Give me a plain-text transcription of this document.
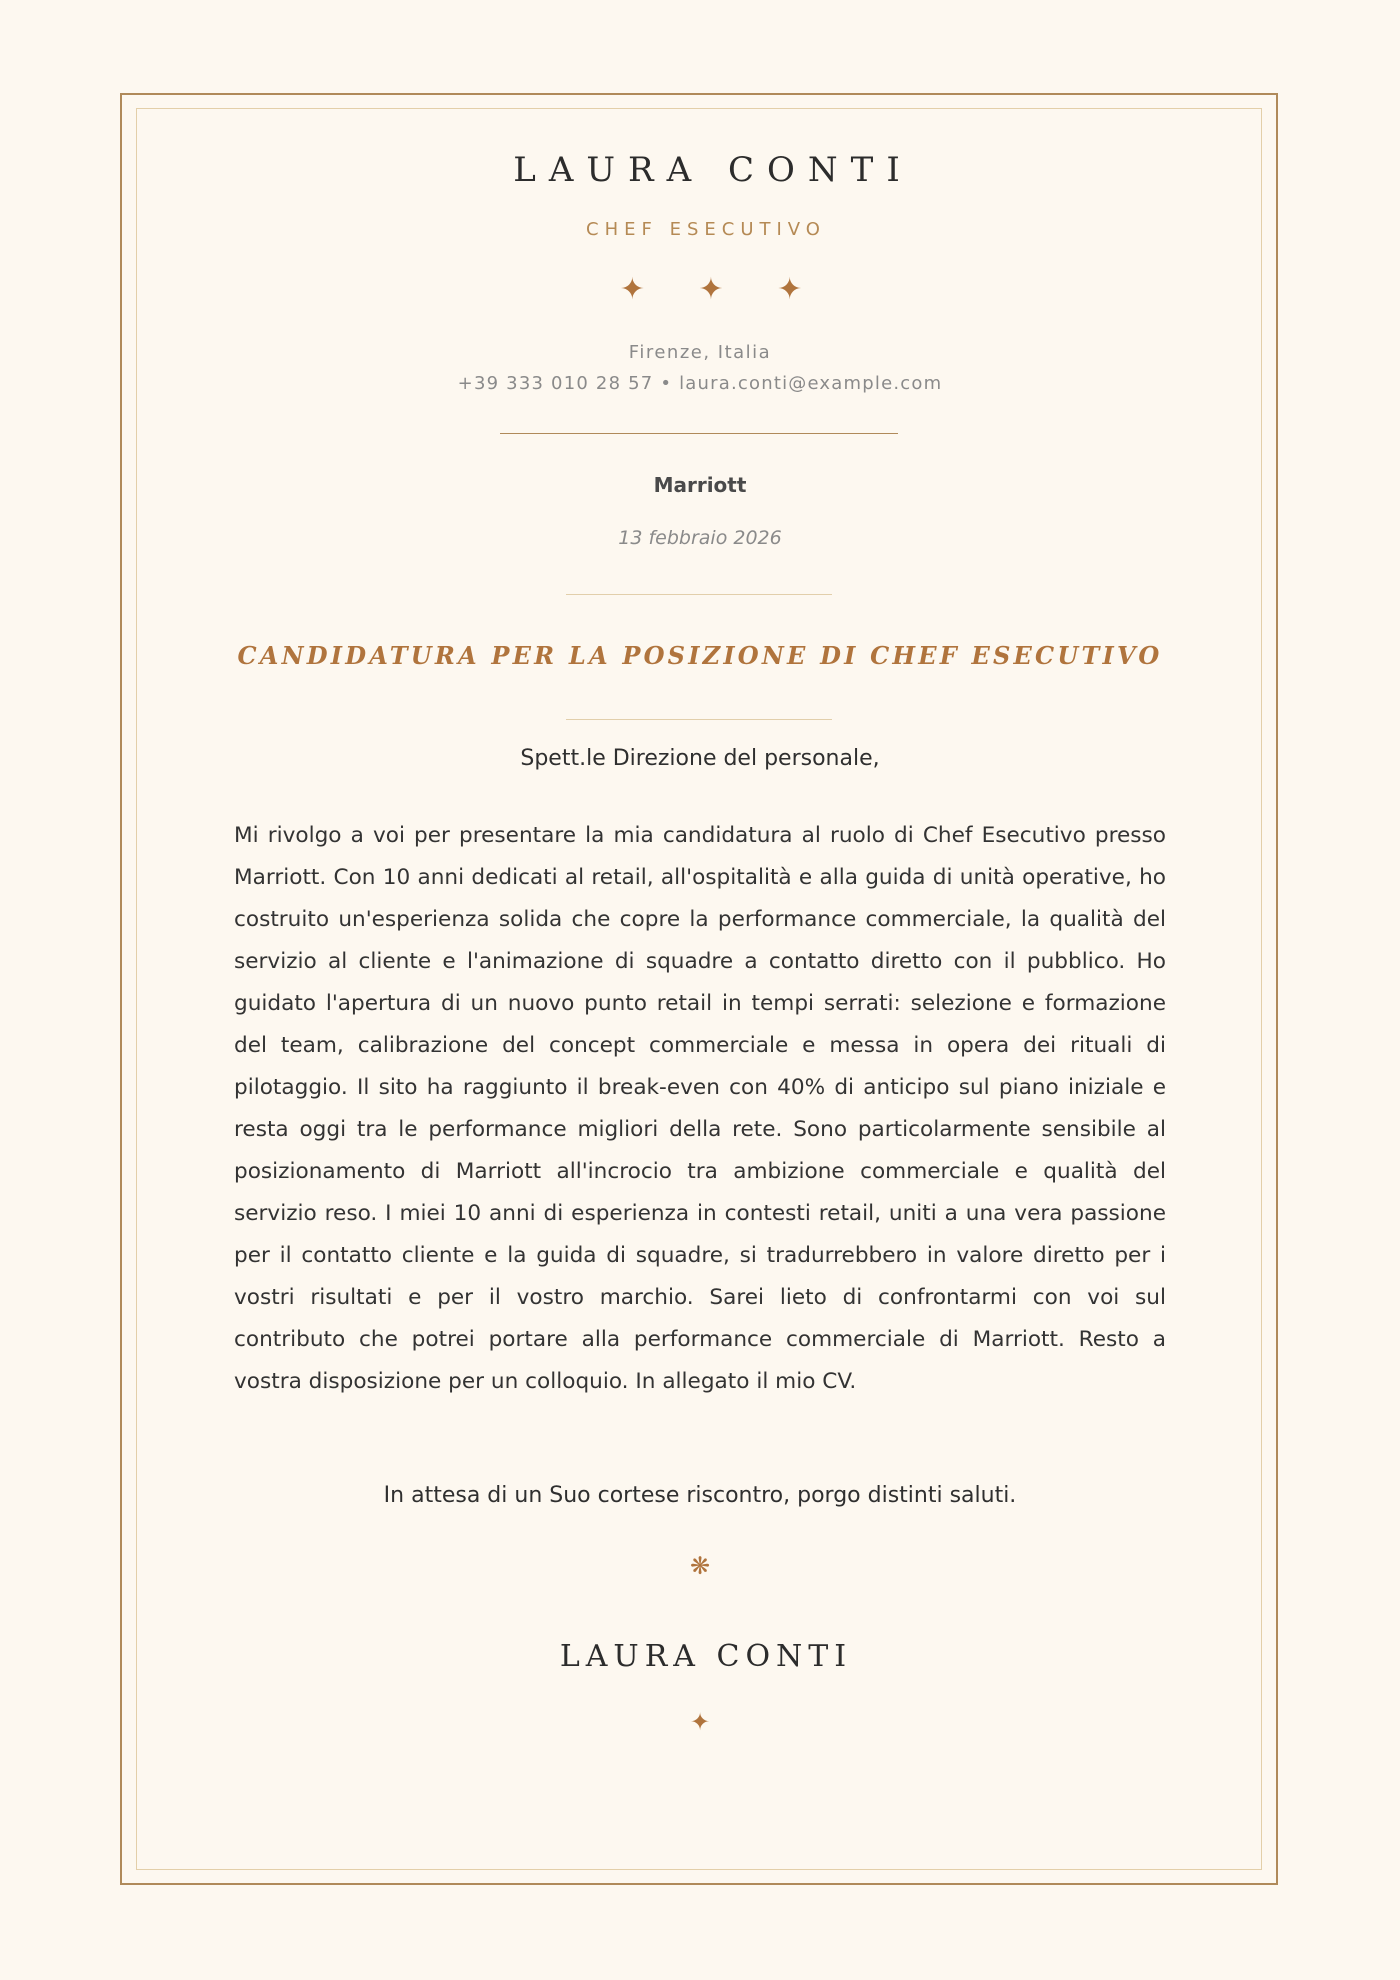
LAURA CONTI
CHEF ESECUTIVO
✦ ✦ ✦
Firenze, Italia
+39 333 010 28 57 • laura.conti@example.com
Marriott
13 febbraio 2026
CANDIDATURA PER LA POSIZIONE DI CHEF ESECUTIVO
Spett.le Direzione del personale,

Mi rivolgo a voi per presentare la mia candidatura al ruolo di Chef Esecutivo presso Marriott. Con 10 anni dedicati al retail, all'ospitalità e alla guida di unità operative, ho costruito un'esperienza solida che copre la performance commerciale, la qualità del servizio al cliente e l'animazione di squadre a contatto diretto con il pubblico. Ho guidato l'apertura di un nuovo punto retail in tempi serrati: selezione e formazione del team, calibrazione del concept commerciale e messa in opera dei rituali di pilotaggio. Il sito ha raggiunto il break-even con 40% di anticipo sul piano iniziale e resta oggi tra le performance migliori della rete. Sono particolarmente sensibile al posizionamento di Marriott all'incrocio tra ambizione commerciale e qualità del servizio reso. I miei 10 anni di esperienza in contesti retail, uniti a una vera passione per il contatto cliente e la guida di squadre, si tradurrebbero in valore diretto per i vostri risultati e per il vostro marchio. Sarei lieto di confrontarmi con voi sul contributo che potrei portare alla performance commerciale di Marriott. Resto a vostra disposizione per un colloquio. In allegato il mio CV.

In attesa di un Suo cortese riscontro, porgo distinti saluti.
❋
LAURA CONTI
✦
